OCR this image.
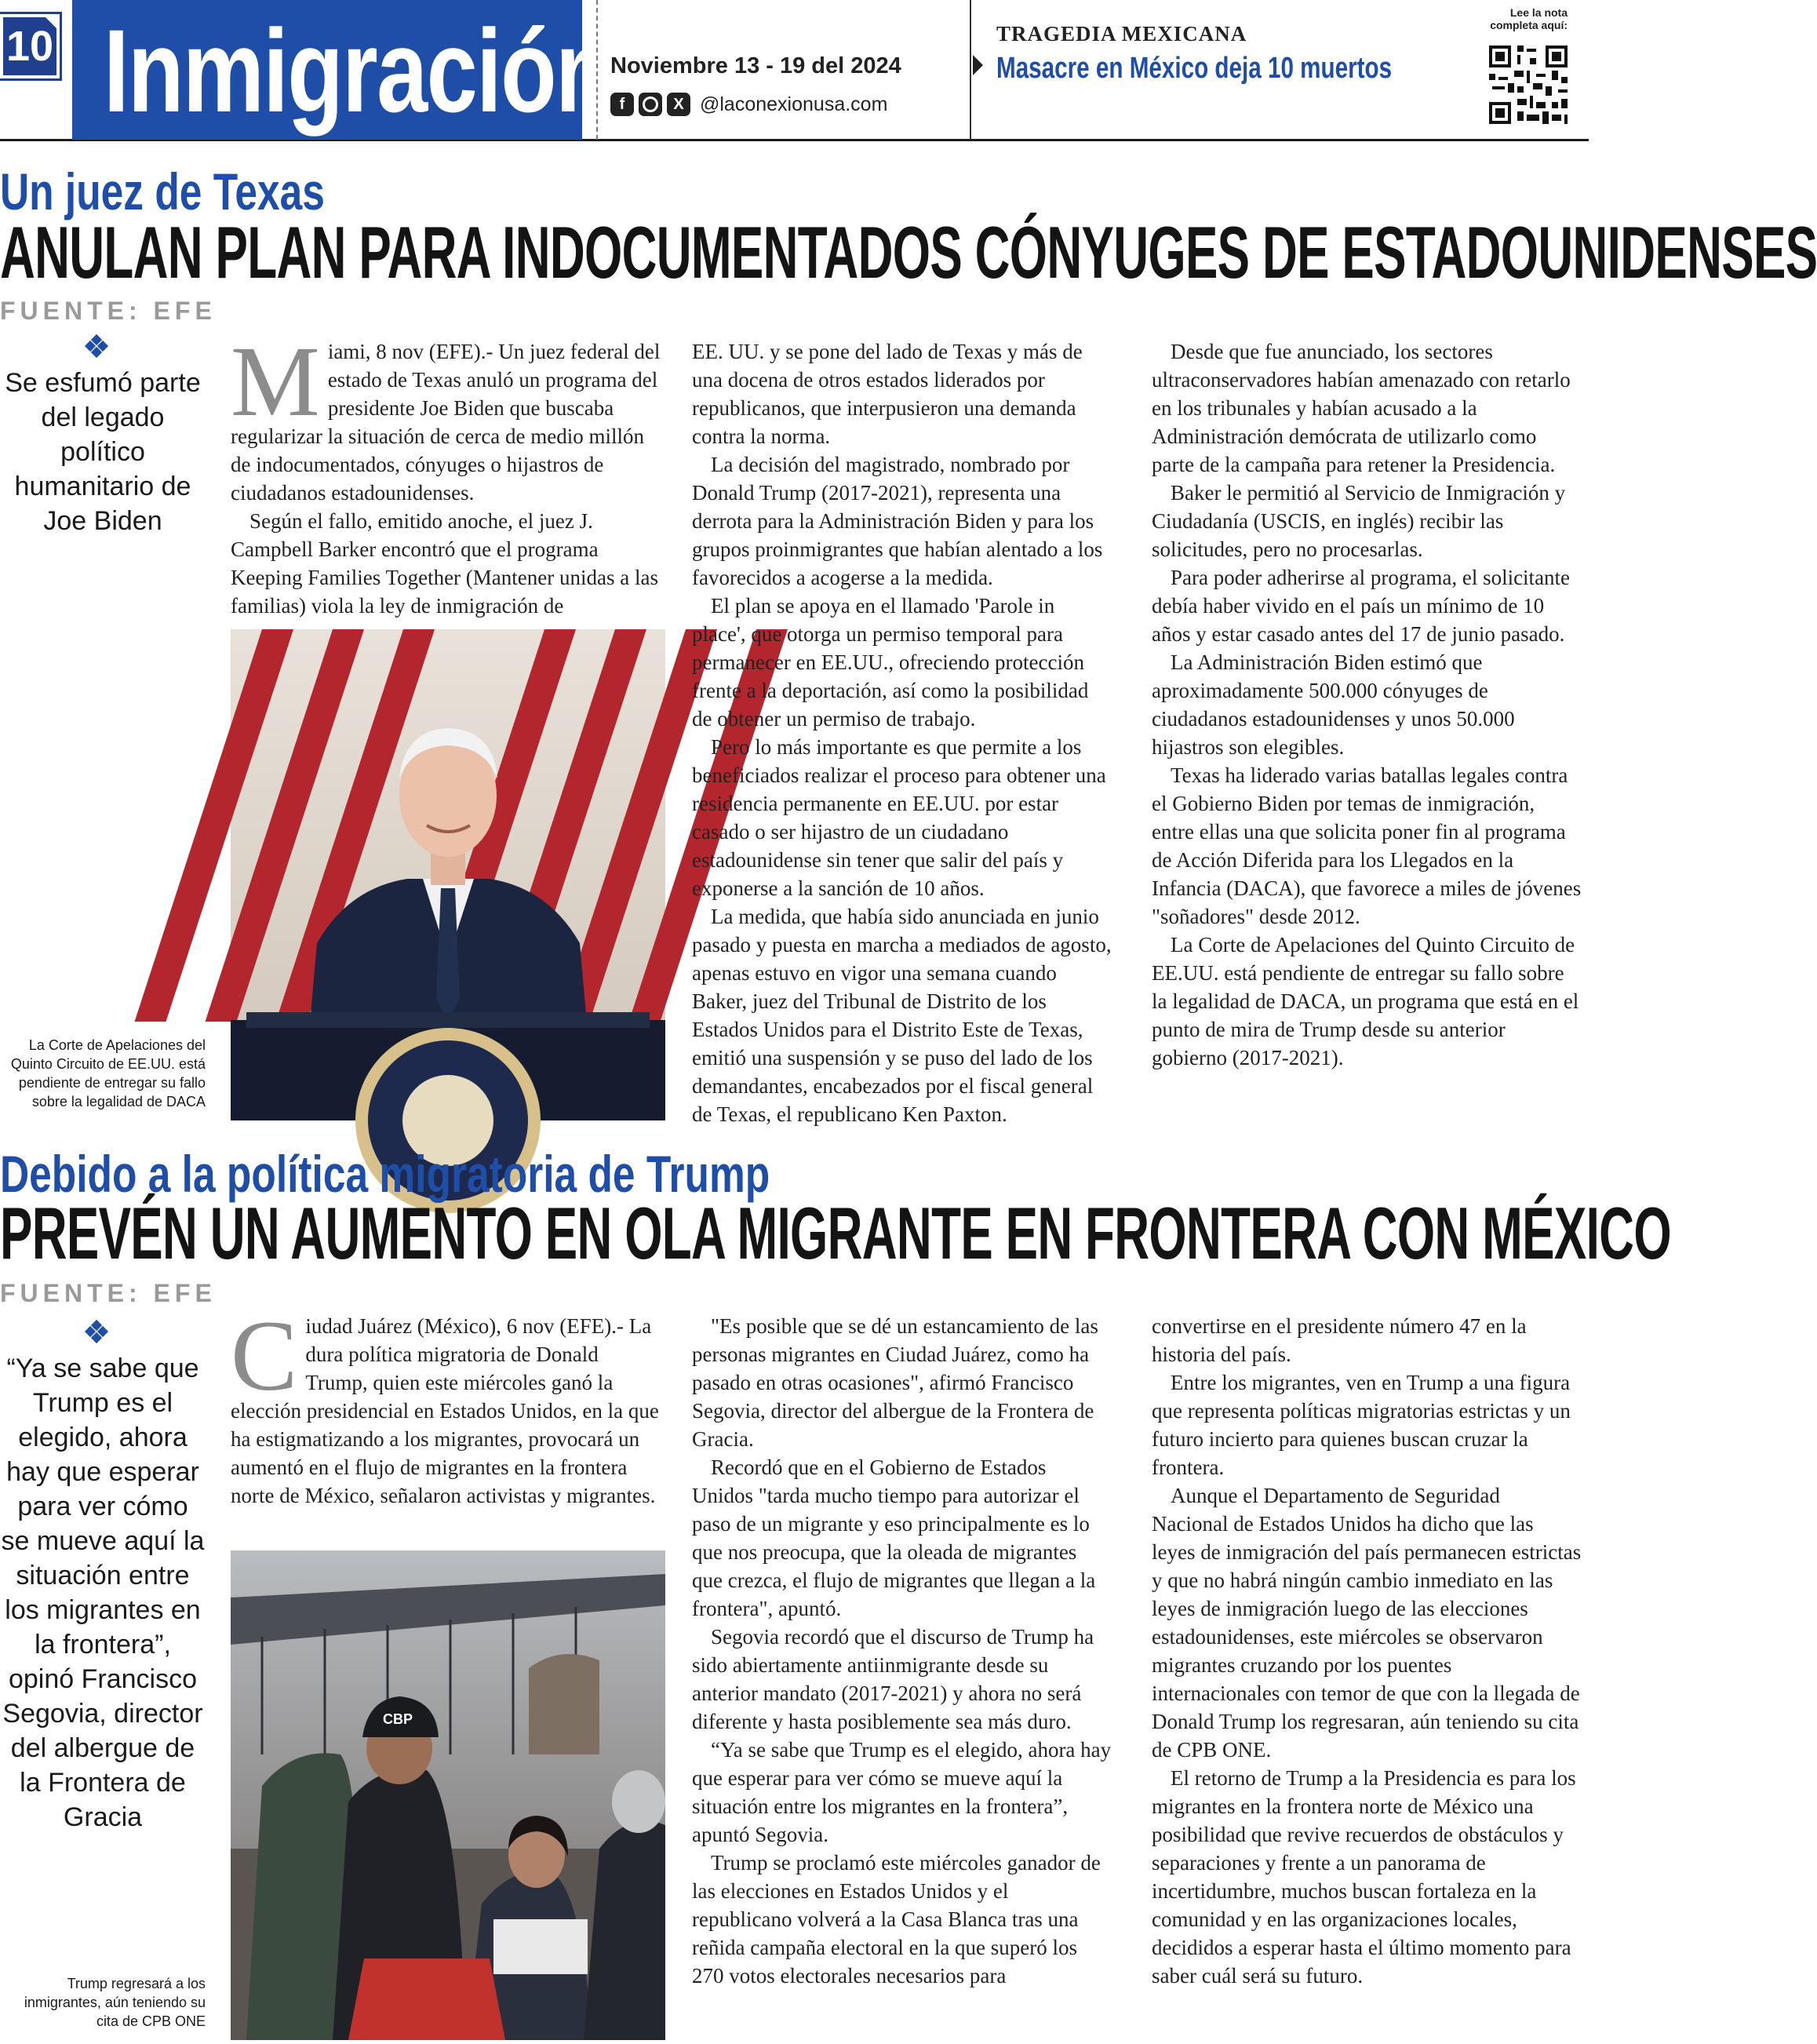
10 Inmigración Noviembre 13 - 19 del 2024
f	X @laconexionusa.com
TRAGEDIA MEXICANA
Masacre en México deja 10 muertos
Lee la nota completa aquí:
Un juez de Texas
ANULAN PLAN PARA INDOCUMENTADOS CÓNYUGES DE ESTADOUNIDENSES
FUENTE: EFE
Se esfumó parte del legado político humanitario de Joe Biden
La Corte de Apelaciones del Quinto Circuito de EE.UU. está pendiente de entregar su fallo sobre la legalidad de DACA
M iami, 8 nov (EFE).- Un juez federal del estado de Texas anuló un programa del presidente Joe Biden que buscaba regularizar la situación de cerca de medio millón de indocumentados, cónyuges o hijastros de ciudadanos estadounidenses.

Según el fallo, emitido anoche, el juez J. Campbell Barker encontró que el programa Keeping Families Together (Mantener unidas a las familias) viola la ley de inmigración de

EE. UU. y se pone del lado de Texas y más de una docena de otros estados liderados por republicanos, que interpusieron una demanda contra la norma.

La decisión del magistrado, nombrado por Donald Trump (2017-2021), representa una derrota para la Administración Biden y para los grupos proinmigrantes que habían alentado a los favorecidos a acogerse a la medida.

El plan se apoya en el llamado 'Parole in place', que otorga un permiso temporal para permanecer en EE.UU., ofreciendo protección frente a la deportación, así como la posibilidad de obtener un permiso de trabajo.

Pero lo más importante es que permite a los beneficiados realizar el proceso para obtener una residencia permanente en EE.UU. por estar casado o ser hijastro de un ciudadano estadounidense sin tener que salir del país y exponerse a la sanción de 10 años.

La medida, que había sido anunciada en junio pasado y puesta en marcha a mediados de agosto, apenas estuvo en vigor una semana cuando Baker, juez del Tribunal de Distrito de los Estados Unidos para el Distrito Este de Texas, emitió una suspensión y se puso del lado de los demandantes, encabezados por el fiscal general de Texas, el republicano Ken Paxton.

Desde que fue anunciado, los sectores ultraconservadores habían amenazado con retarlo en los tribunales y habían acusado a la Administración demócrata de utilizarlo como parte de la campaña para retener la Presidencia.

Baker le permitió al Servicio de Inmigración y Ciudadanía (USCIS, en inglés) recibir las solicitudes, pero no procesarlas.

Para poder adherirse al programa, el solicitante debía haber vivido en el país un mínimo de 10 años y estar casado antes del 17 de junio pasado.

La Administración Biden estimó que aproximadamente 500.000 cónyuges de ciudadanos estadounidenses y unos 50.000 hijastros son elegibles.

Texas ha liderado varias batallas legales contra el Gobierno Biden por temas de inmigración, entre ellas una que solicita poner fin al programa de Acción Diferida para los Llegados en la Infancia (DACA), que favorece a miles de jóvenes "soñadores" desde 2012.

La Corte de Apelaciones del Quinto Circuito de EE.UU. está pendiente de entregar su fallo sobre la legalidad de DACA, un programa que está en el punto de mira de Trump desde su anterior gobierno (2017-2021).

Debido a la política migratoria de Trump
PREVÉN UN AUMENTO EN OLA MIGRANTE EN FRONTERA CON MÉXICO
FUENTE: EFE
“Ya se sabe que Trump es el elegido, ahora hay que esperar para ver cómo se mueve aquí la situación entre los migrantes en la frontera”, opinó Francisco Segovia, director del albergue de la Frontera de Gracia
Trump regresará a los inmigrantes, aún teniendo su cita de CPB ONE
C iudad Juárez (México), 6 nov (EFE).- La dura política migratoria de Donald Trump, quien este miércoles ganó la elección presidencial en Estados Unidos, en la que ha estigmatizando a los migrantes, provocará un aumentó en el flujo de migrantes en la frontera norte de México, señalaron activistas y migrantes.

CBP

"Es posible que se dé un estancamiento de las personas migrantes en Ciudad Juárez, como ha pasado en otras ocasiones", afirmó Francisco Segovia, director del albergue de la Frontera de Gracia.

Recordó que en el Gobierno de Estados Unidos "tarda mucho tiempo para autorizar el paso de un migrante y eso principalmente es lo que nos preocupa, que la oleada de migrantes que crezca, el flujo de migrantes que llegan a la frontera", apuntó.

Segovia recordó que el discurso de Trump ha sido abiertamente antiinmigrante desde su anterior mandato (2017-2021) y ahora no será diferente y hasta posiblemente sea más duro.

“Ya se sabe que Trump es el elegido, ahora hay que esperar para ver cómo se mueve aquí la situación entre los migrantes en la frontera”, apuntó Segovia.

Trump se proclamó este miércoles ganador de las elecciones en Estados Unidos y el republicano volverá a la Casa Blanca tras una reñida campaña electoral en la que superó los 270 votos electorales necesarios para

convertirse en el presidente número 47 en la historia del país.

Entre los migrantes, ven en Trump a una figura que representa políticas migratorias estrictas y un futuro incierto para quienes buscan cruzar la frontera.

Aunque el Departamento de Seguridad Nacional de Estados Unidos ha dicho que las leyes de inmigración del país permanecen estrictas y que no habrá ningún cambio inmediato en las leyes de inmigración luego de las elecciones estadounidenses, este miércoles se observaron migrantes cruzando por los puentes internacionales con temor de que con la llegada de Donald Trump los regresaran, aún teniendo su cita de CPB ONE.

El retorno de Trump a la Presidencia es para los migrantes en la frontera norte de México una posibilidad que revive recuerdos de obstáculos y separaciones y frente a un panorama de incertidumbre, muchos buscan fortaleza en la comunidad y en las organizaciones locales, decididos a esperar hasta el último momento para saber cuál será su futuro.
